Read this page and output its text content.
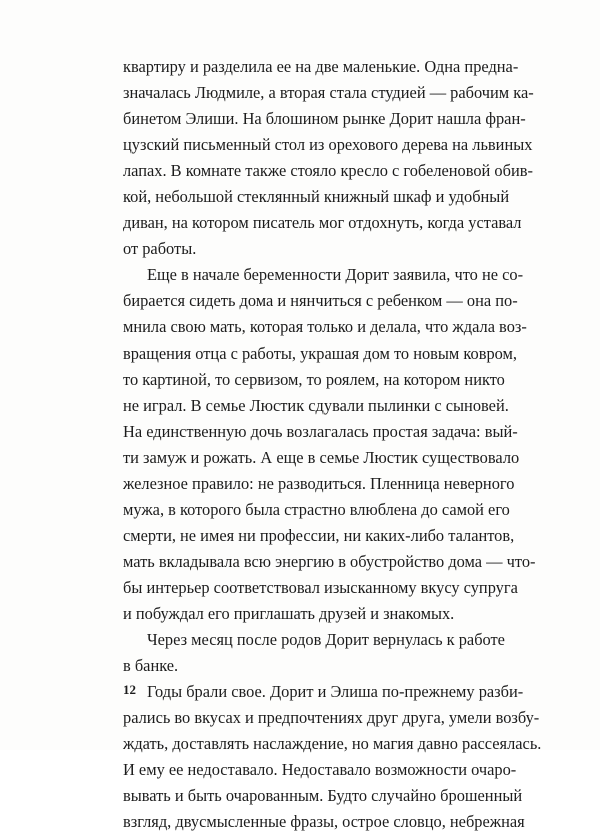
квартиру и разделила ее на две маленькие. Одна предна-
значалась Людмиле, а вторая стала студией — рабочим ка-
бинетом Элиши. На блошином рынке Дорит нашла фран-
цузский письменный стол из орехового дерева на львиных
лапах. В комнате также стояло кресло с гобеленовой обив-
кой, небольшой стеклянный книжный шкаф и удобный
диван, на котором писатель мог отдохнуть, когда уставал
от работы.
Еще в начале беременности Дорит заявила, что не со-
бирается сидеть дома и нянчиться с ребенком — она по-
мнила свою мать, которая только и делала, что ждала воз-
вращения отца с работы, украшая дом то новым ковром,
то картиной, то сервизом, то роялем, на котором никто
не играл. В семье Люстик сдували пылинки с сыновей.
На единственную дочь возлагалась простая задача: вый-
ти замуж и рожать. А еще в семье Люстик существовало
железное правило: не разводиться. Пленница неверного
мужа, в которого была страстно влюблена до самой его
смерти, не имея ни профессии, ни каких-либо талантов,
мать вкладывала всю энергию в обустройство дома — что-
бы интерьер соответствовал изысканному вкусу супруга
и побуждал его приглашать друзей и знакомых.
Через месяц после родов Дорит вернулась к работе
в банке.
Годы брали свое. Дорит и Элиша по-прежнему разби-
рались во вкусах и предпочтениях друг друга, умели возбу-
ждать, доставлять наслаждение, но магия давно рассеялась.
И ему ее недоставало. Недоставало возможности очаро-
вывать и быть очарованным. Будто случайно брошенный
взгляд, двусмысленные фразы, острое словцо, небрежная
12
